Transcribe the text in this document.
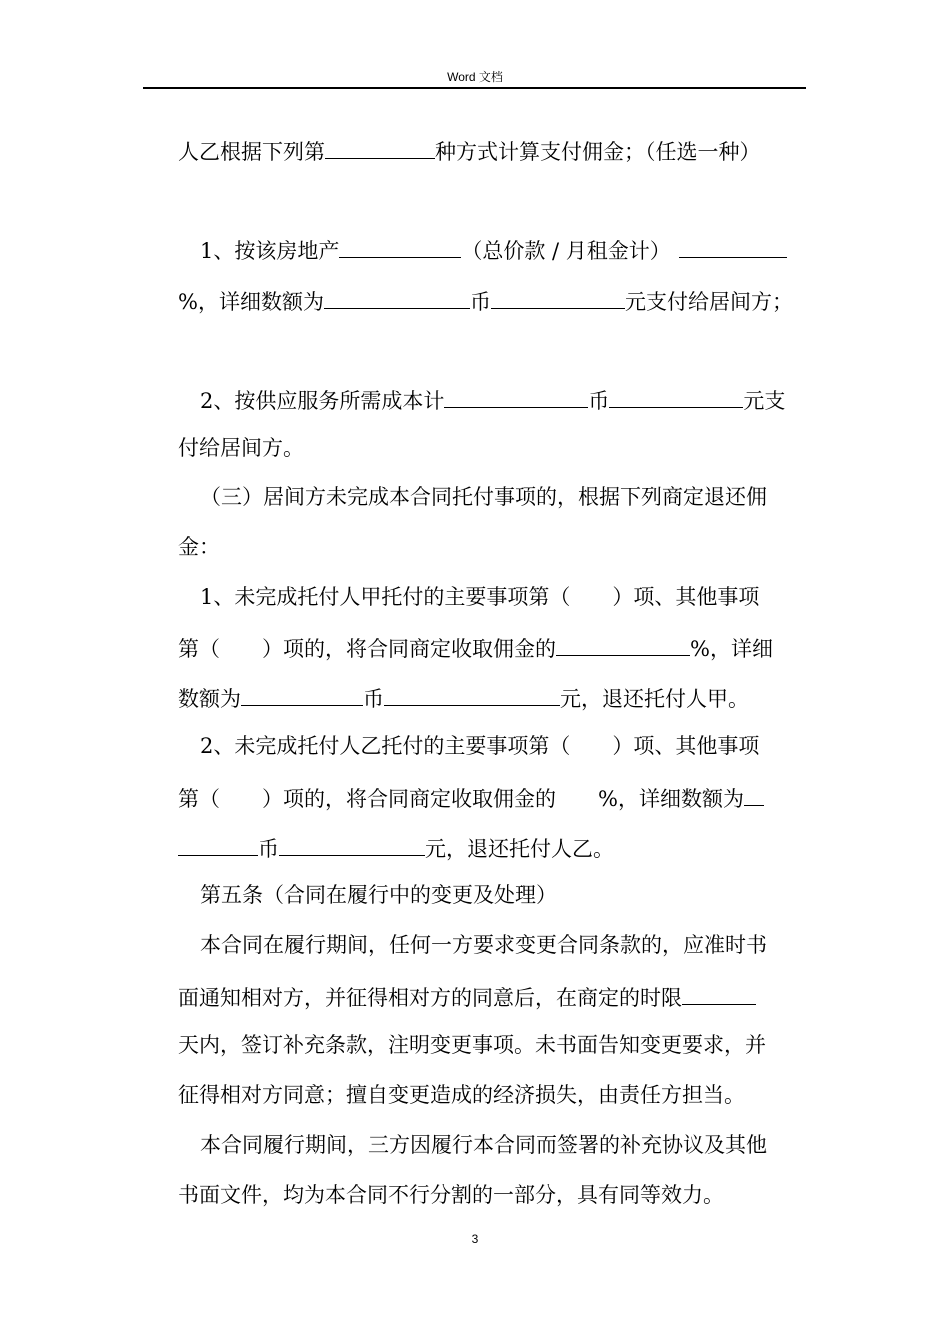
Word 文档
人乙根据下列第	种方式计算支付佣金；（任选一种）
1、按该房地产	（总价款 / 月租金计）
%，详细数额为	币	元支付给居间方；
2、按供应服务所需成本计	币	元支
付给居间方。
（三）居间方未完成本合同托付事项的，根据下列商定退还佣
金：
1、未完成托付人甲托付的主要事项第（　　）项、其他事项
第（　　）项的，将合同商定收取佣金的	%，详细
数额为	币	元，退还托付人甲。
2、未完成托付人乙托付的主要事项第（　　）项、其他事项
第（　　）项的，将合同商定收取佣金的　　%，详细数额为
币	元，退还托付人乙。
第五条（合同在履行中的变更及处理）
本合同在履行期间，任何一方要求变更合同条款的，应准时书
面通知相对方，并征得相对方的同意后，在商定的时限
天内，签订补充条款，注明变更事项。未书面告知变更要求，并
征得相对方同意；擅自变更造成的经济损失，由责任方担当。
本合同履行期间，三方因履行本合同而签署的补充协议及其他
书面文件，均为本合同不行分割的一部分，具有同等效力。
3
